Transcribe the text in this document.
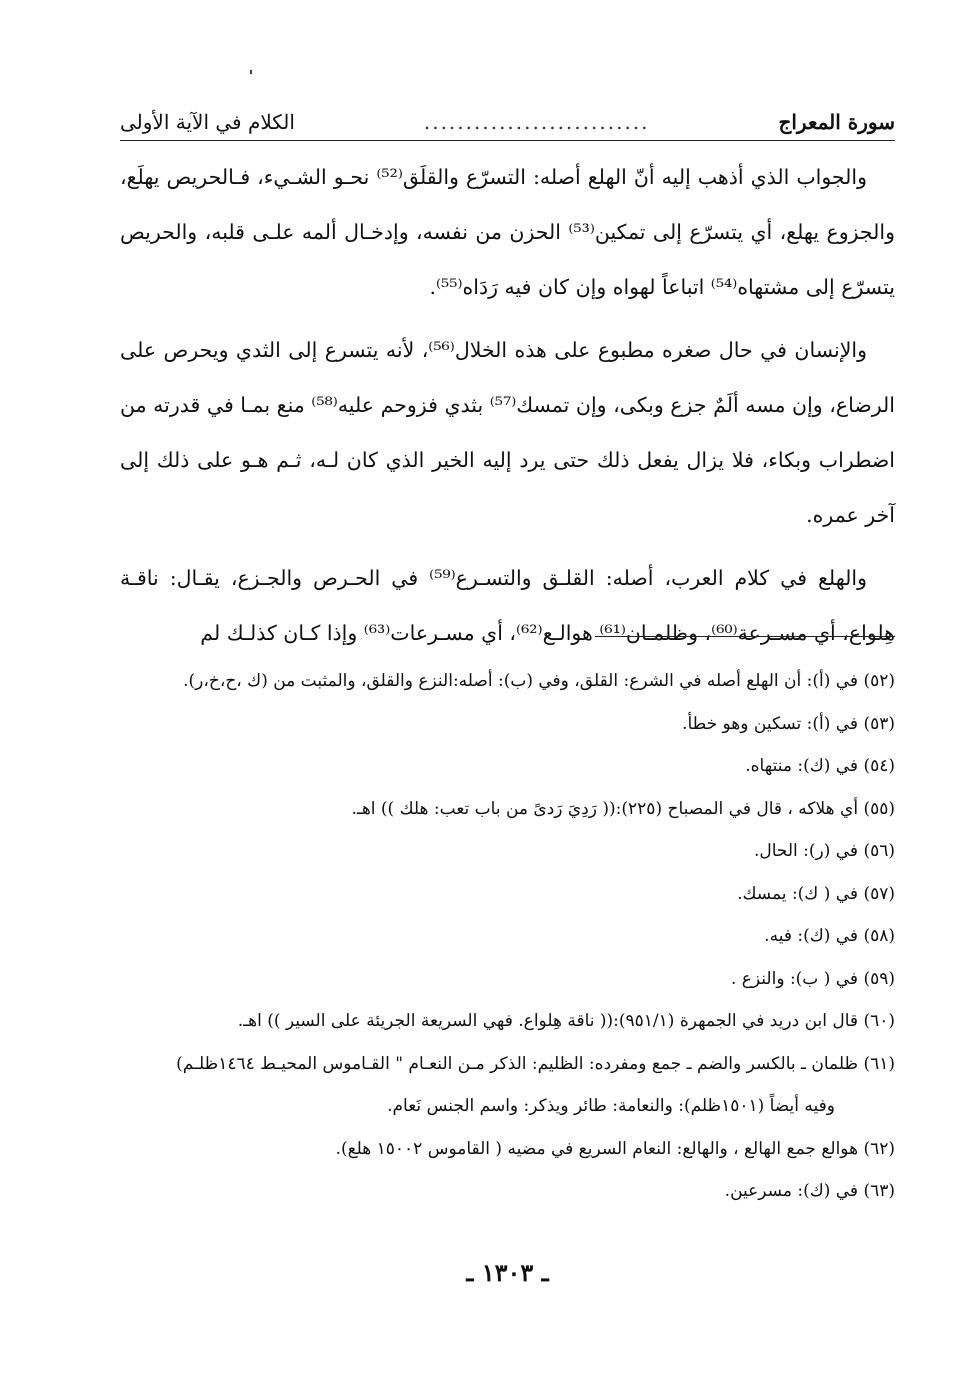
سورة المعراج
...........................
الكلام في الآية الأولى

والجواب الذي أذهب إليه أنّ الهلع أصله: التسرّع والقلَق⁽⁵²⁾ نحـو الشـيء، فـالحريص يهلَع، والجزوع يهلع، أي يتسرّع إلى تمكين⁽⁵³⁾ الحزن من نفسه، وإدخـال ألمه علـى قلبه، والحريص يتسرّع إلى مشتهاه⁽⁵⁴⁾ اتباعاً لهواه وإن كان فيه رَدَاه⁽⁵⁵⁾.

والإنسان في حال صغره مطبوع على هذه الخلال⁽⁵⁶⁾، لأنه يتسرع إلى الثدي ويحرص على الرضاع، وإن مسه ألَمٌ جزع وبكى، وإن تمسك⁽⁵⁷⁾ بثدي فزوحم عليه⁽⁵⁸⁾ منع بمـا في قدرته من اضطراب وبكاء، فلا يزال يفعل ذلك حتى يرد إليه الخير الذي كان لـه، ثـم هـو على ذلك إلى آخر عمره.

والهلع في كلام العرب، أصله: القلـق والتسـرع⁽⁵⁹⁾ في الحـرص والجـزع، يقـال: ناقـة هِلواع، أي مسـرعة⁽⁶⁰⁾، وظلمـان⁽⁶¹⁾ هوالـع⁽⁶²⁾، أي مسـرعات⁽⁶³⁾ وإذا كـان كذلـك لم

(٥٢) في (أ): أن الهلع أصله في الشرع: القلق، وفي (ب): أصله:النزع والقلق، والمثبت من (ك ،ح،خ،ر).

(٥٣) في (أ): تسكين وهو خطأ.

(٥٤) في (ك): منتهاه.

(٥٥) أي هلاكه ، قال في المصباح (٢٢٥):(( رَدِيَ رَدىً من باب تعب: هلك )) اهـ.

(٥٦) في (ر): الحال.

(٥٧) في ( ك): يمسك.

(٥٨) في (ك): فيه.

(٥٩) في ( ب): والنزع .

(٦٠) قال ابن دريد في الجمهرة (٩٥١/١):(( ناقة هِلواع. فهي السريعة الجريئة على السير )) اهـ.

(٦١) ظلمان ـ بالكسر والضم ـ جمع ومفرده: الظليم: الذكر مـن النعـام " القـاموس المحيـط ١٤٦٤ظلـم)

وفيه أيضاً (١٥٠١ظلم): والنعامة: طائر ويذكر: واسم الجنس نَعام.

(٦٢) هوالع جمع الهالع ، والهالع: النعام السريع في مضيه ( القاموس ١٥٠٠٢ هلع).

(٦٣) في (ك): مسرعين.

ـ ١٣٠٣ ـ
